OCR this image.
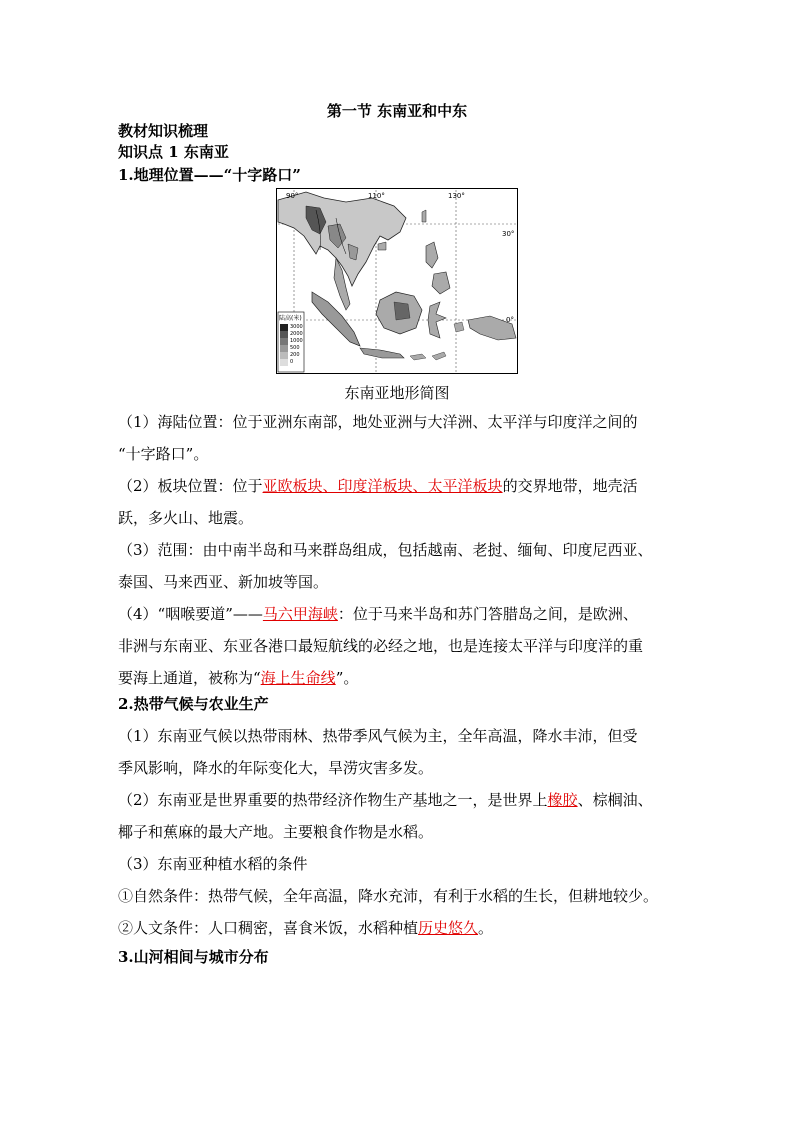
第一节 东南亚和中东
教材知识梳理
知识点 1 东南亚
1.地理位置——“十字路口”
90°	110°	130°
30°
0°
陆高(米)
3000
2000
1000
500
200
0
东南亚地形简图
（1）海陆位置：位于亚洲东南部，地处亚洲与大洋洲、太平洋与印度洋之间的
“十字路口”。
（2）板块位置：位于亚欧板块、印度洋板块、太平洋板块的交界地带，地壳活
跃，多火山、地震。
（3）范围：由中南半岛和马来群岛组成，包括越南、老挝、缅甸、印度尼西亚、
泰国、马来西亚、新加坡等国。
（4）“咽喉要道”——马六甲海峡：位于马来半岛和苏门答腊岛之间，是欧洲、
非洲与东南亚、东亚各港口最短航线的必经之地，也是连接太平洋与印度洋的重
要海上通道，被称为“海上生命线”。
2.热带气候与农业生产
（1）东南亚气候以热带雨林、热带季风气候为主，全年高温，降水丰沛，但受
季风影响，降水的年际变化大，旱涝灾害多发。
（2）东南亚是世界重要的热带经济作物生产基地之一，是世界上橡胶、棕榈油、
椰子和蕉麻的最大产地。主要粮食作物是水稻。
（3）东南亚种植水稻的条件
①自然条件：热带气候，全年高温，降水充沛，有利于水稻的生长，但耕地较少。
②人文条件：人口稠密，喜食米饭，水稻种植历史悠久。
3.山河相间与城市分布
